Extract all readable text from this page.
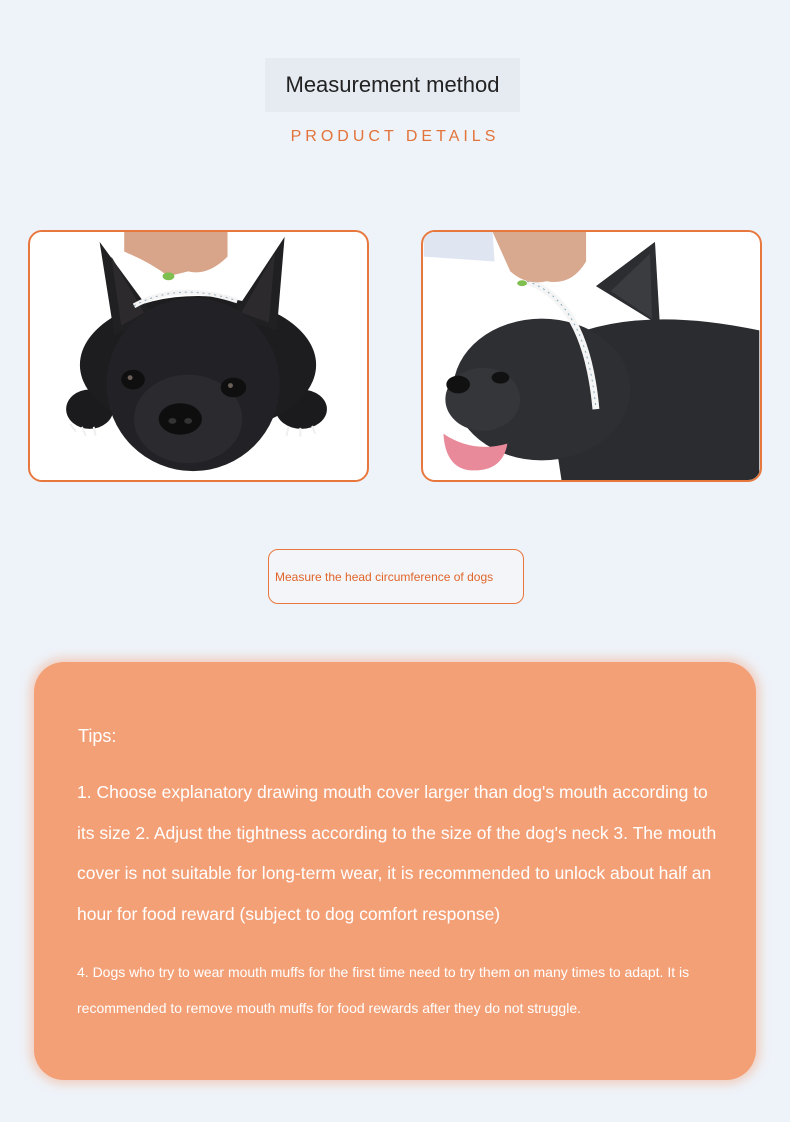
Measurement method
PRODUCT DETAILS
Measure the head circumference of dogs
Tips:
1. Choose explanatory drawing mouth cover larger than dog's mouth according to its size 2. Adjust the tightness according to the size of the dog's neck 3. The mouth cover is not suitable for long-term wear, it is recommended to unlock about half an hour for food reward (subject to dog comfort response)
4. Dogs who try to wear mouth muffs for the first time need to try them on many times to adapt. It is recommended to remove mouth muffs for food rewards after they do not struggle.
